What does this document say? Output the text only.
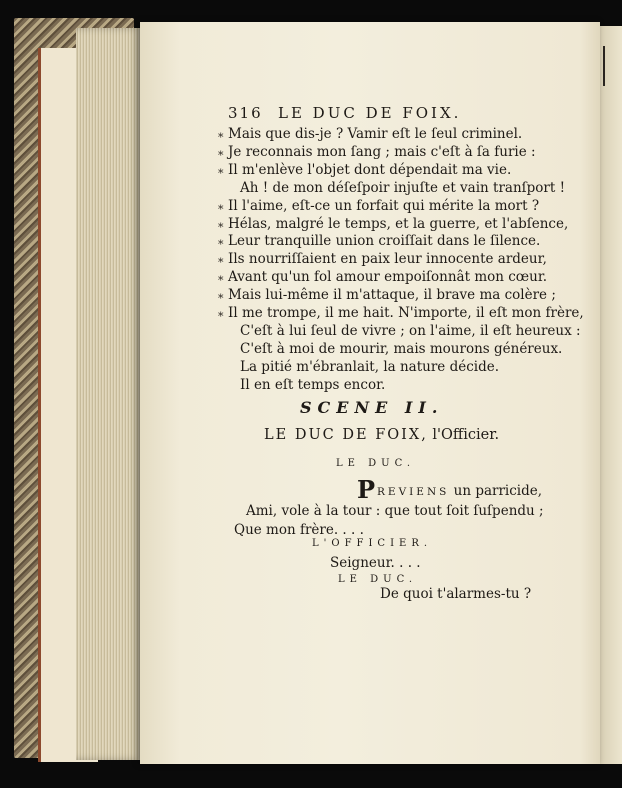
316 LE DUC DE FOIX.
* Mais que dis-je ? Vamir eſt le ſeul criminel.
* Je reconnais mon ſang ; mais c'eſt à ſa furie :
* Il m'enlève l'objet dont dépendait ma vie.
Ah ! de mon déſeſpoir injuſte et vain tranſport !
* Il l'aime, eſt-ce un forfait qui mérite la mort ?
* Hélas, malgré le temps, et la guerre, et l'abſence,
* Leur tranquille union croiſſait dans le ſilence.
* Ils nourriſſaient en paix leur innocente ardeur,
* Avant qu'un fol amour empoiſonnât mon cœur.
* Mais lui-même il m'attaque, il brave ma colère ;
* Il me trompe, il me hait. N'importe, il eſt mon frère,
C'eſt à lui ſeul de vivre ; on l'aime, il eſt heureux :
C'eſt à moi de mourir, mais mourons généreux.
La pitié m'ébranlait, la nature décide.
Il en eſt temps encor.
SCENE II.
LE DUC DE FOIX, l'Officier.
LE DUC.
P REVIENS un parricide,
Ami, vole à la tour : que tout ſoit ſuſpendu ;
Que mon frère. . . .
L'OFFICIER.
Seigneur. . . .
LE DUC.
De quoi t'alarmes-tu ?
